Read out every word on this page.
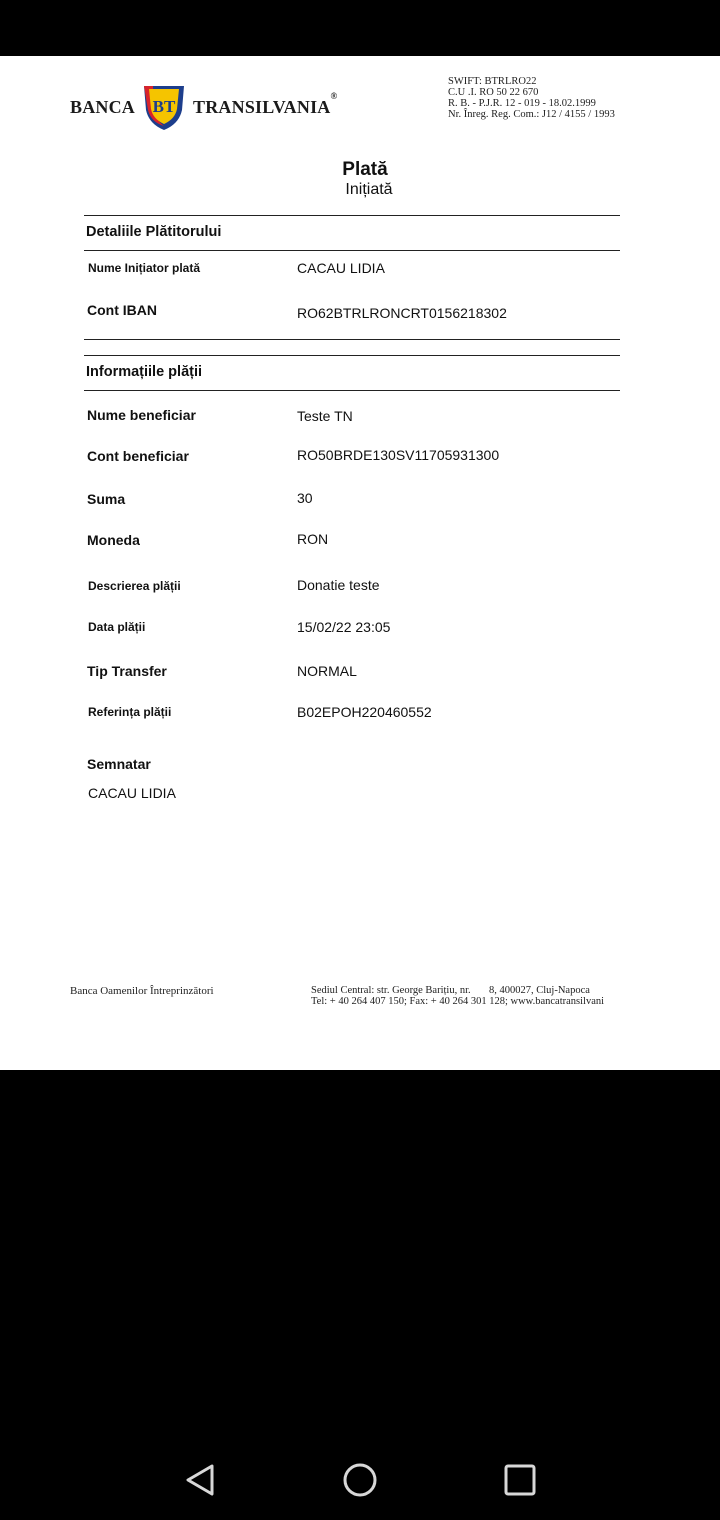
BANCA BT TRANSILVANIA®
SWIFT: BTRLRO22
C.U .I. RO 50 22 670
R. B. - P.J.R. 12 - 019 - 18.02.1999
Nr. Înreg. Reg. Com.: J12 / 4155 / 1993
Plată
Inițiată
Detaliile Plătitorului
Nume Inițiator plată	CACAU LIDIA
Cont IBAN	RO62BTRLRONCRT0156218302
Informațiile plății
Nume beneficiar	Teste TN
Cont beneficiar	RO50BRDE130SV11705931300
Suma	30
Moneda	RON
Descrierea plății	Donatie teste
Data plății	15/02/22 23:05
Tip Transfer	NORMAL
Referința plății	B02EPOH220460552
Semnatar
CACAU LIDIA
Banca Oamenilor Întreprinzători	Sediul Central: str. George Barițiu, nr.       8, 400027, Cluj-Napoca
Tel: + 40 264 407 150; Fax: + 40 264 301 128; www.bancatransilvani
